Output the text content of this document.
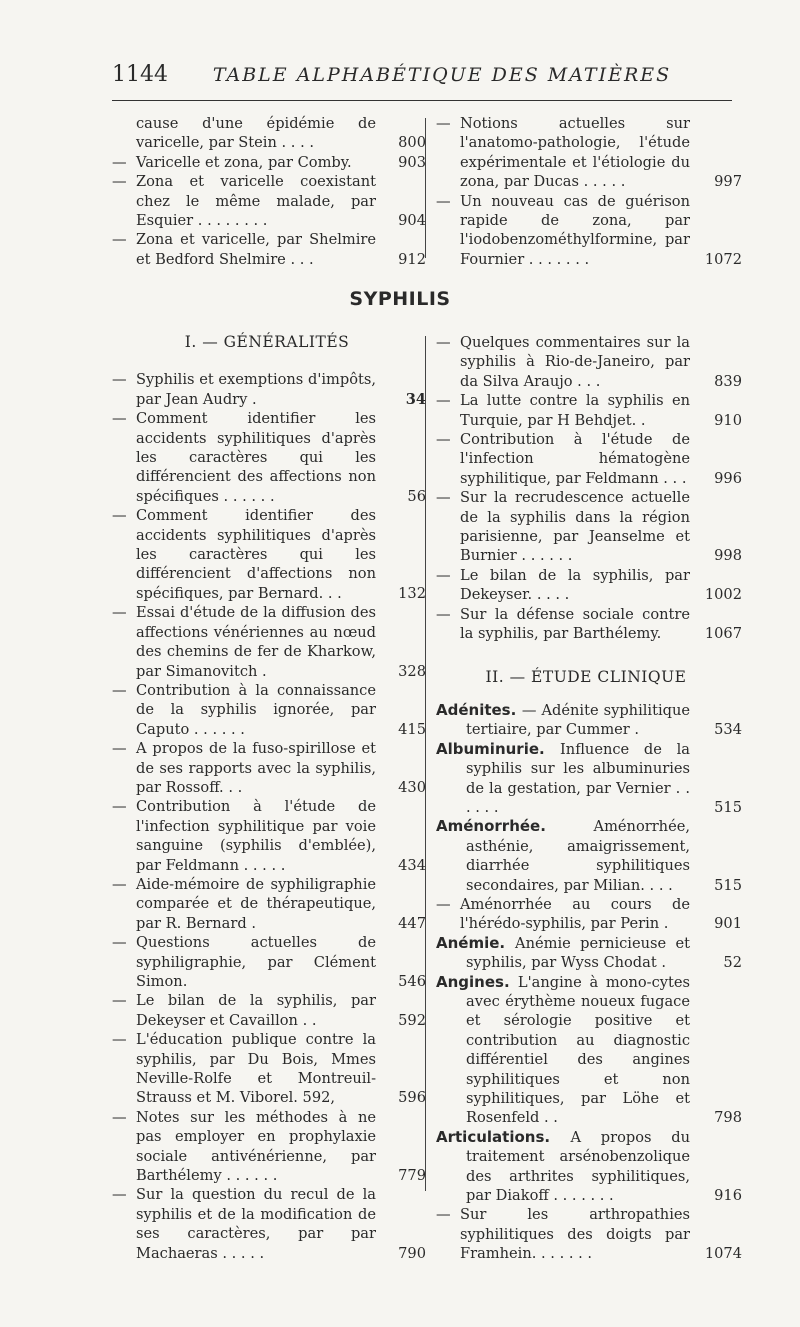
1144	TABLE ALPHABÉTIQUE DES MATIÈRES
cause d'une épidémie de varicelle, par Stein . . . .	800
— Varicelle et zona, par Comby.	903
— Zona et varicelle coexistant chez le même malade, par Esquier . . . . . . . .	904
— Zona et varicelle, par Shelmire et Bedford Shelmire . . .	912
— Notions actuelles sur l'anatomo-pathologie, l'étude expérimentale et l'étiologie du zona, par Ducas . . . . .	997
— Un nouveau cas de guérison rapide de zona, par l'iodobenzométhylformine, par Fournier . . . . . . .	1072
SYPHILIS
I. — GÉNÉRALITÉS
— Syphilis et exemptions d'impôts, par Jean Audry .	34
— Comment identifier les accidents syphilitiques d'après les caractères qui les différencient des affections non spécifiques . . . . . .	56
— Comment identifier des accidents syphilitiques d'après les caractères qui les différencient d'affections non spécifiques, par Bernard. . .	132
— Essai d'étude de la diffusion des affections vénériennes au nœud des chemins de fer de Kharkow, par Simanovitch .	328
— Contribution à la connaissance de la syphilis ignorée, par Caputo . . . . . .	415
— A propos de la fuso-spirillose et de ses rapports avec la syphilis, par Rossoff. . .	430
— Contribution à l'étude de l'infection syphilitique par voie sanguine (syphilis d'emblée), par Feldmann . . . . .	434
— Aide-mémoire de syphiligraphie comparée et de thérapeutique, par R. Bernard .	447
— Questions actuelles de syphiligraphie, par Clément Simon.	546
— Le bilan de la syphilis, par Dekeyser et Cavaillon . .	592
— L'éducation publique contre la syphilis, par Du Bois, Mmes Neville-Rolfe et Montreuil-Strauss et M. Viborel. 592,	596
— Notes sur les méthodes à ne pas employer en prophylaxie sociale antivénérienne, par Barthélemy . . . . . .	779
— Sur la question du recul de la syphilis et de la modification de ses caractères, par par Machaeras . . . . .	790
— Quelques commentaires sur la syphilis à Rio-de-Janeiro, par da Silva Araujo . . .	839
— La lutte contre la syphilis en Turquie, par H Behdjet. .	910
— Contribution à l'étude de l'infection hématogène syphilitique, par Feldmann . . .	996
— Sur la recrudescence actuelle de la syphilis dans la région parisienne, par Jeanselme et Burnier . . . . . .	998
— Le bilan de la syphilis, par Dekeyser. . . . .	1002
— Sur la défense sociale contre la syphilis, par Barthélemy.	1067
II. — ÉTUDE CLINIQUE
Adénites. — Adénite syphilitique tertiaire, par Cummer .	534
Albuminurie. Influence de la syphilis sur les albuminuries de la gestation, par Vernier . . . . . .	515
Aménorrhée. Aménorrhée, asthénie, amaigrissement, diarrhée syphilitiques secondaires, par Milian. . . .	515
— Aménorrhée au cours de l'hérédo-syphilis, par Perin .	901
Anémie. Anémie pernicieuse et syphilis, par Wyss Chodat .	52
Angines. L'angine à mono-cytes avec érythème noueux fugace et sérologie positive et contribution au diagnostic différentiel des angines syphilitiques et non syphilitiques, par Löhe et Rosenfeld . .	798
Articulations. A propos du traitement arsénobenzolique des arthrites syphilitiques, par Diakoff . . . . . . .	916
— Sur les arthropathies syphilitiques des doigts par Framhein. . . . . . .	1074
